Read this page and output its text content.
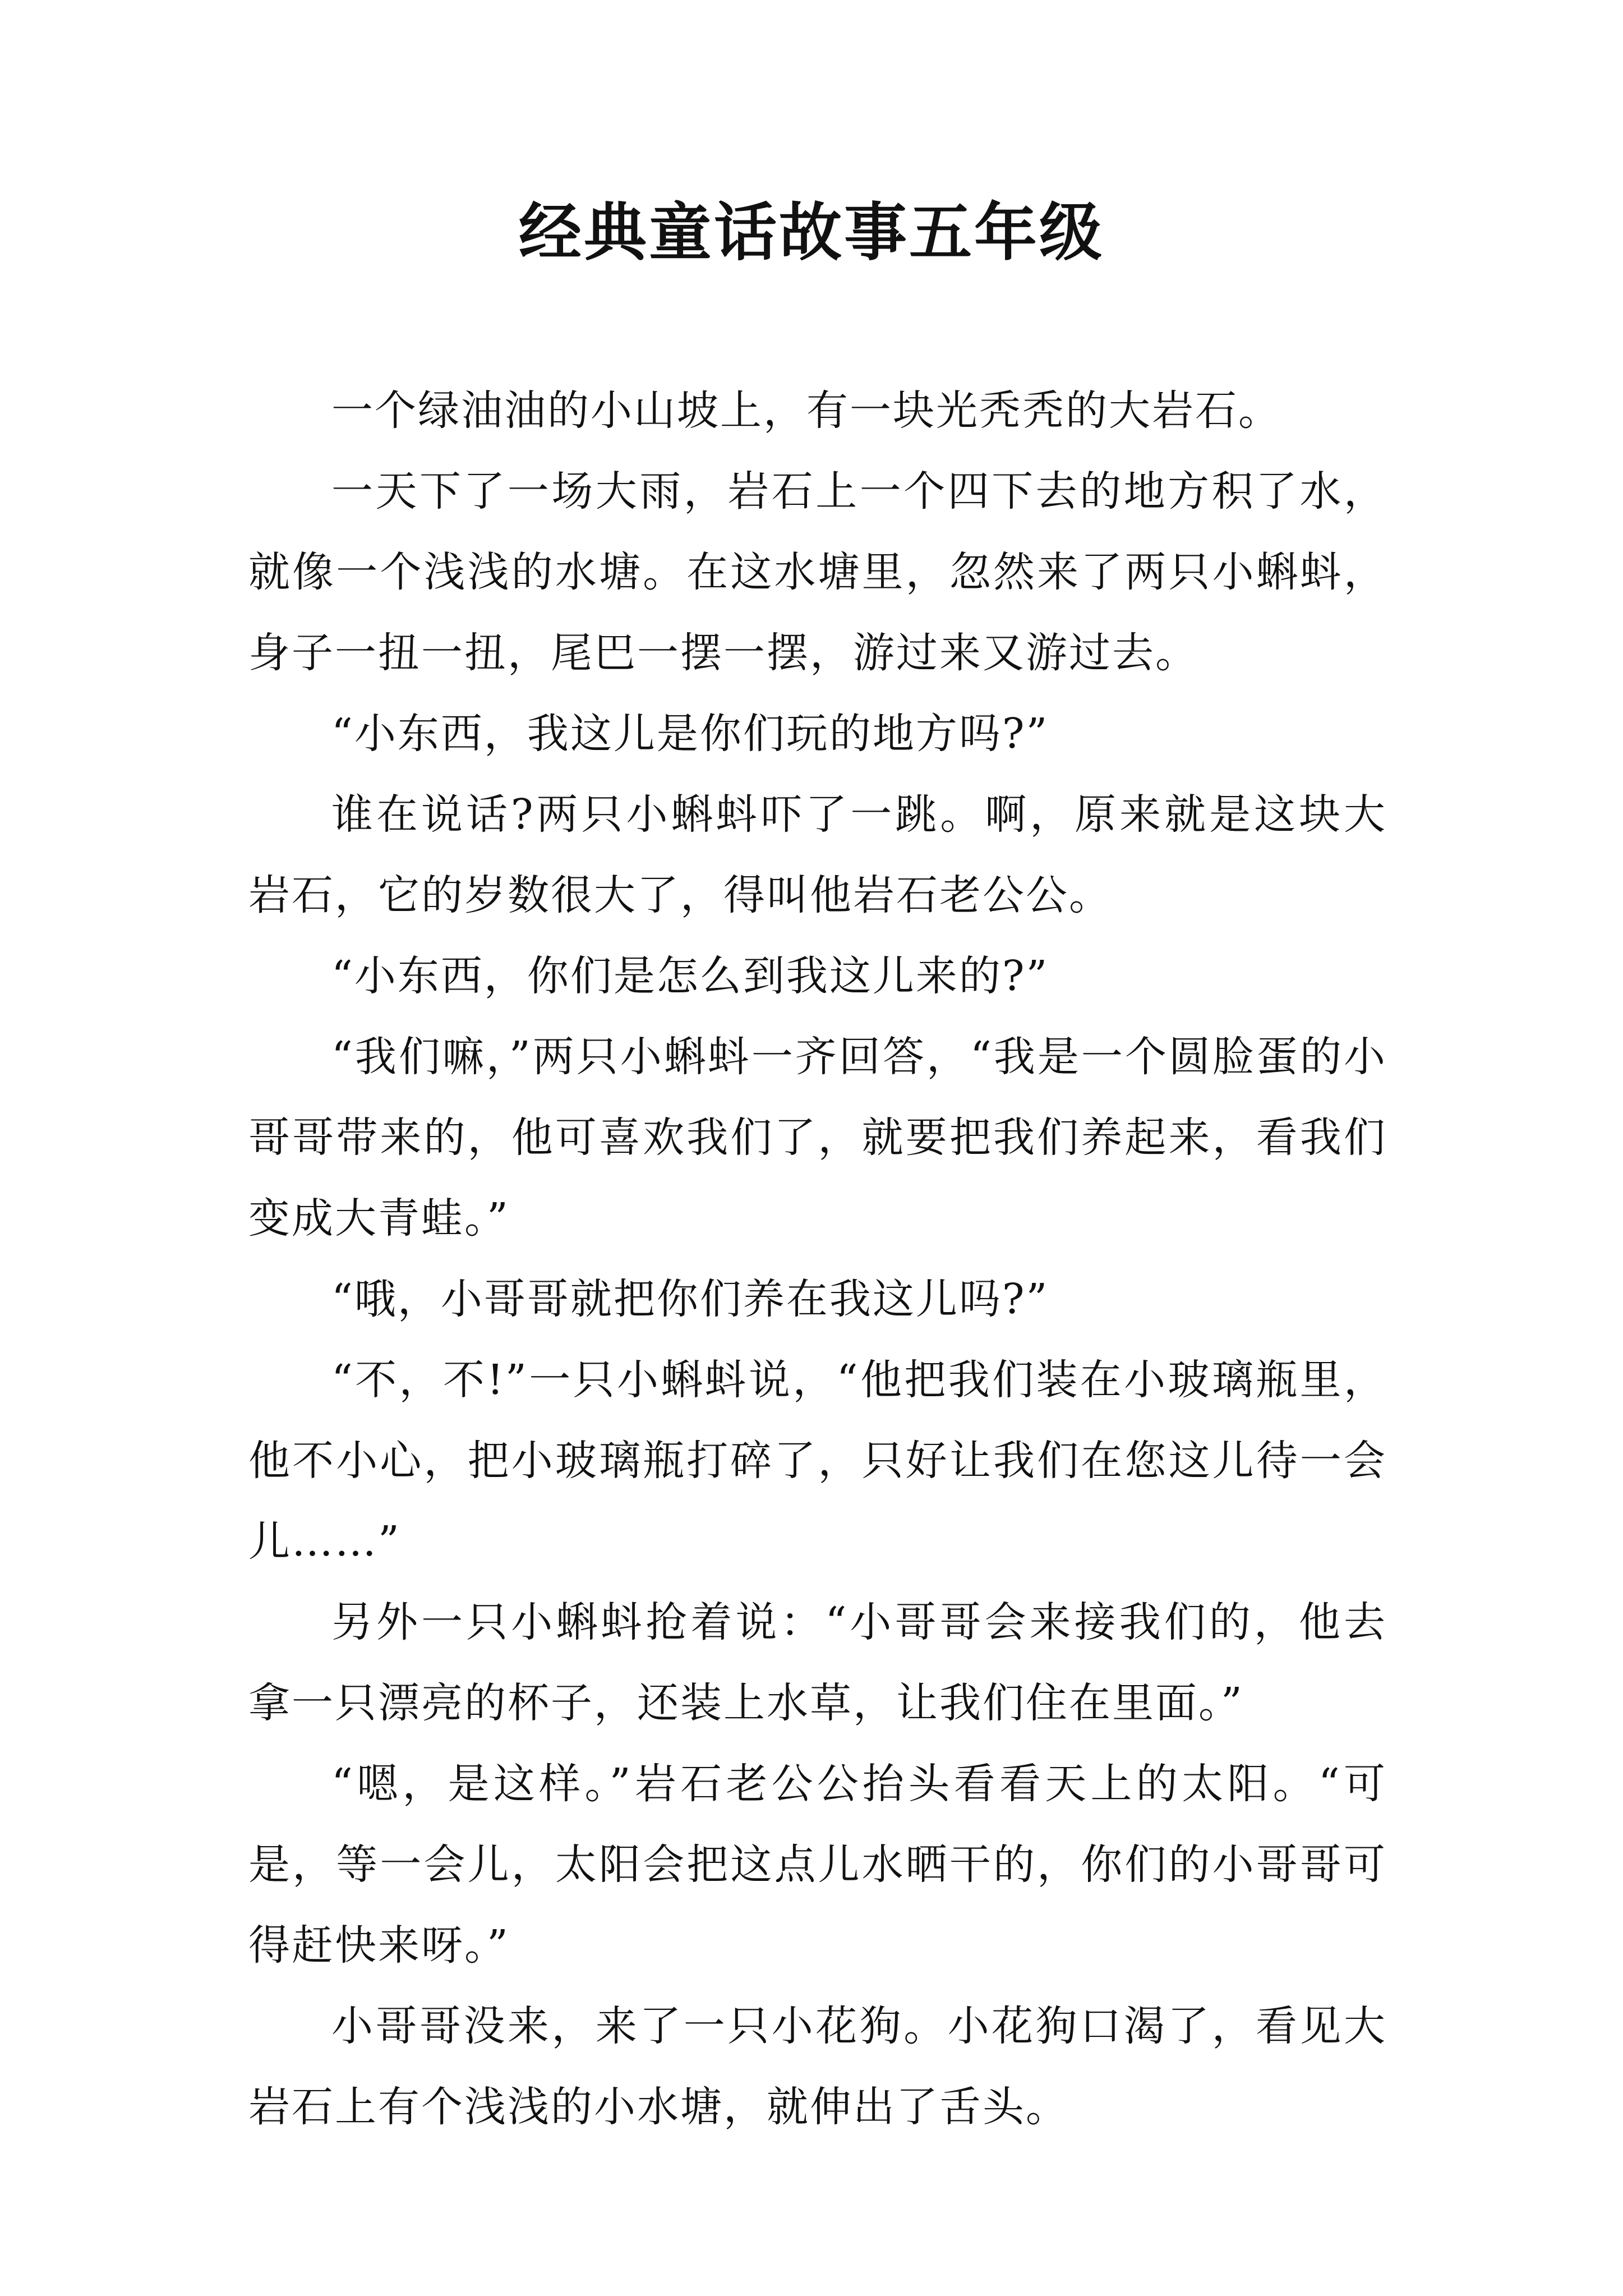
经典童话故事五年级

一个绿油油的小山坡上，有一块光秃秃的大岩石。

一天下了一场大雨，岩石上一个四下去的地方积了水，就像一个浅浅的水塘。在这水塘里，忽然来了两只小蝌蚪，身子一扭一扭，尾巴一摆一摆，游过来又游过去。

“小东西，我这儿是你们玩的地方吗?”

谁在说话?两只小蝌蚪吓了一跳。啊，原来就是这块大岩石，它的岁数很大了，得叫他岩石老公公。

“小东西，你们是怎么到我这儿来的?”

“我们嘛，”两只小蝌蚪一齐回答，“我是一个圆脸蛋的小哥哥带来的，他可喜欢我们了，就要把我们养起来，看我们变成大青蛙。”

“哦，小哥哥就把你们养在我这儿吗?”

“不，不!”一只小蝌蚪说，“他把我们装在小玻璃瓶里，他不小心，把小玻璃瓶打碎了，只好让我们在您这儿待一会儿……”

另外一只小蝌蚪抢着说：“小哥哥会来接我们的，他去拿一只漂亮的杯子，还装上水草，让我们住在里面。”

“嗯，是这样。”岩石老公公抬头看看天上的太阳。“可是，等一会儿，太阳会把这点儿水晒干的，你们的小哥哥可得赶快来呀。”

小哥哥没来，来了一只小花狗。小花狗口渴了，看见大岩石上有个浅浅的小水塘，就伸出了舌头。
